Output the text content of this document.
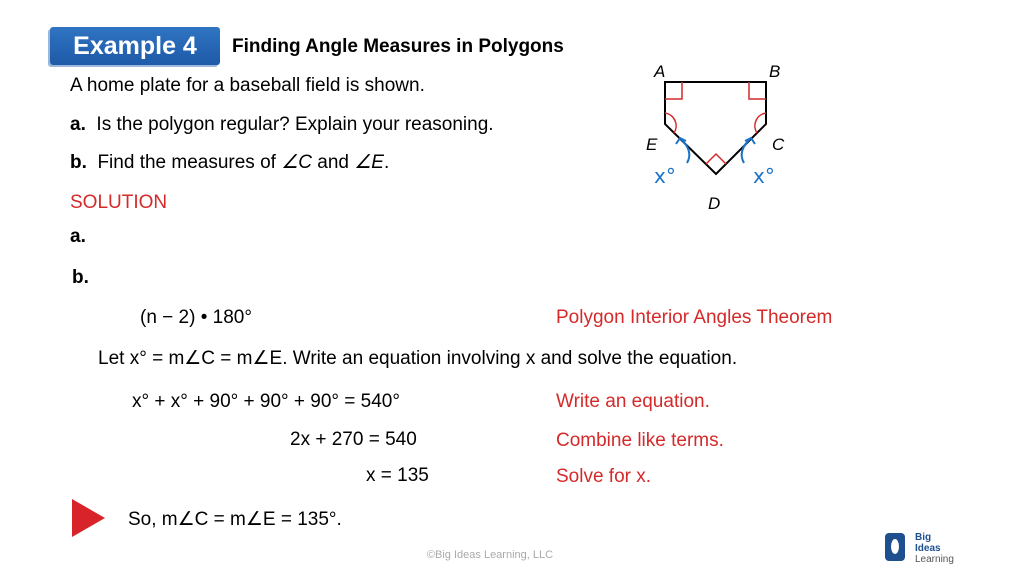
Example 4 Finding Angle Measures in Polygons
A home plate for a baseball field is shown.
a. Is the polygon regular? Explain your reasoning.
b. Find the measures of ∠C and ∠E.
SOLUTION
a.
b.
(n − 2) • 180°	Polygon Interior Angles Theorem
Let x° = m∠C = m∠E. Write an equation involving x and solve the equation.
x° + x° + 90° + 90° + 90° = 540°	Write an equation.
2x + 270 = 540	Combine like terms.
x = 135	Solve for x.
So, m∠C = m∠E = 135°.
A	B
C
D
E
x°	x°
©Big Ideas Learning, LLC
Big
Ideas
Learning
